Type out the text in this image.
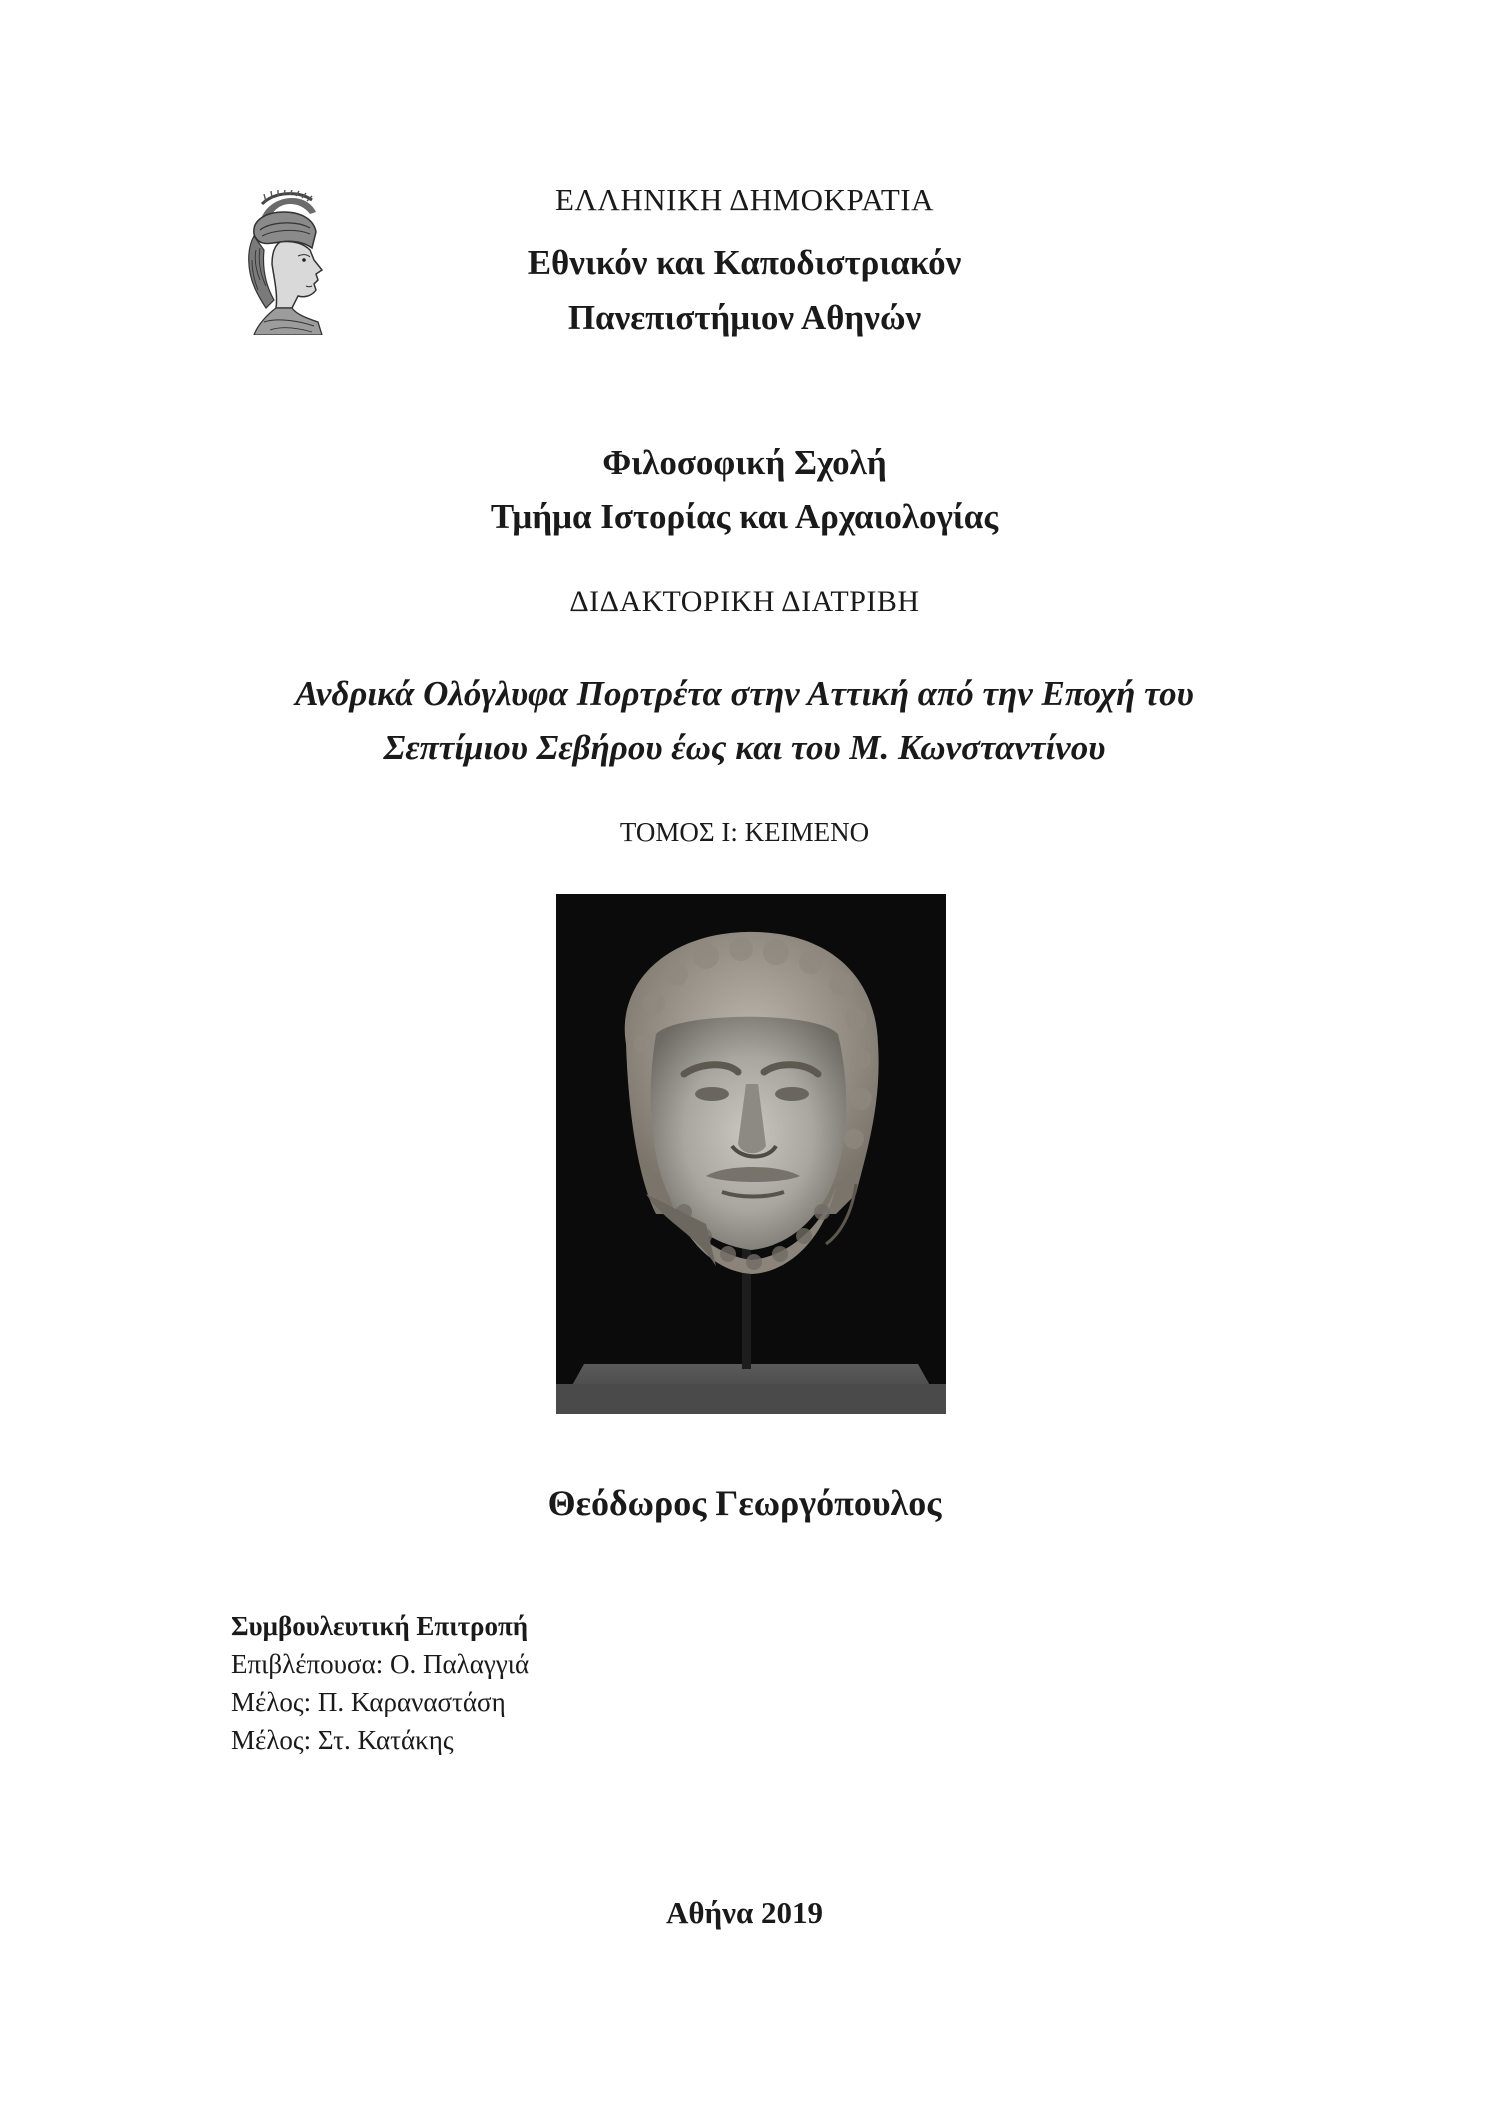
ΕΛΛΗΝΙΚΗ ΔΗΜΟΚΡΑΤΙΑ
Εθνικόν και Καποδιστριακόν
Πανεπιστήμιον Αθηνών
Φιλοσοφική Σχολή
Τμήμα Ιστορίας και Αρχαιολογίας
ΔΙΔΑΚΤΟΡΙΚΗ ΔΙΑΤΡΙΒΗ
Ανδρικά Ολόγλυφα Πορτρέτα στην Αττική από την Εποχή του
Σεπτίμιου Σεβήρου έως και του Μ. Κωνσταντίνου
ΤΟΜΟΣ Ι: ΚΕΙΜΕΝΟ
Θεόδωρος Γεωργόπουλος
Συμβουλευτική Επιτροπή
Επιβλέπουσα: Ο. Παλαγγιά
Μέλος: Π. Καραναστάση
Μέλος: Στ. Κατάκης
Αθήνα 2019
